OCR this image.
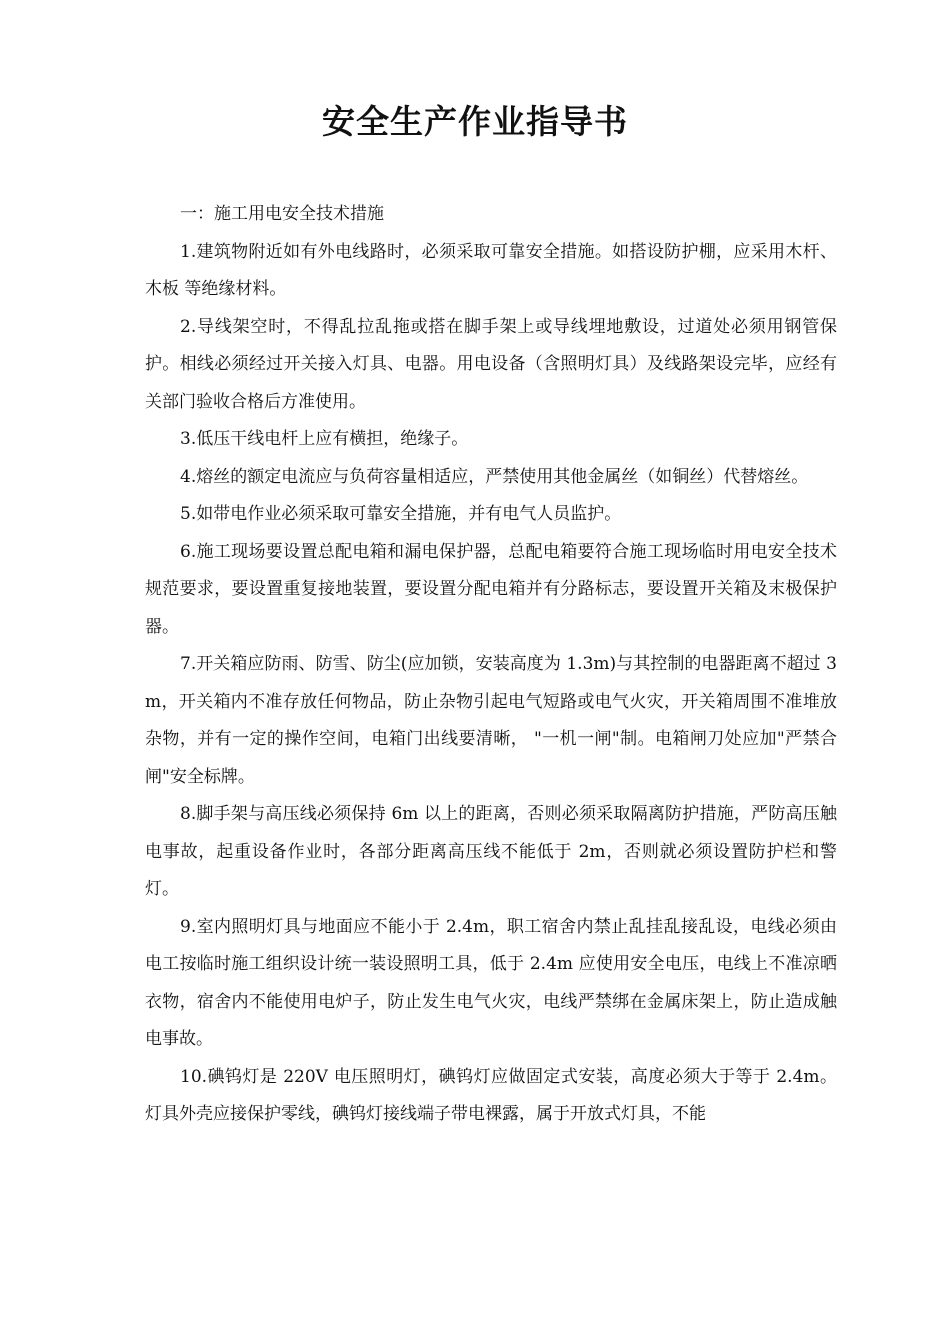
安全生产作业指导书

一：施工用电安全技术措施

1.建筑物附近如有外电线路时，必须采取可靠安全措施。如搭设防护棚，应采用木杆、木板 等绝缘材料。

2.导线架空时，不得乱拉乱拖或搭在脚手架上或导线埋地敷设，过道处必须用钢管保护。相线必须经过开关接入灯具、电器。用电设备（含照明灯具）及线路架设完毕，应经有关部门验收合格后方准使用。

3.低压干线电杆上应有横担，绝缘子。

4.熔丝的额定电流应与负荷容量相适应，严禁使用其他金属丝（如铜丝）代替熔丝。

5.如带电作业必须采取可靠安全措施，并有电气人员监护。

6.施工现场要设置总配电箱和漏电保护器，总配电箱要符合施工现场临时用电安全技术规范要求，要设置重复接地装置，要设置分配电箱并有分路标志，要设置开关箱及末极保护器。

7.开关箱应防雨、防雪、防尘(应加锁，安装高度为 1.3m)与其控制的电器距离不超过 3m，开关箱内不准存放任何物品，防止杂物引起电气短路或电气火灾，开关箱周围不准堆放杂物，并有一定的操作空间，电箱门出线要清晰， "一机一闸"制。电箱闸刀处应加"严禁合闸"安全标牌。

8.脚手架与高压线必须保持 6m 以上的距离，否则必须采取隔离防护措施，严防高压触电事故，起重设备作业时，各部分距离高压线不能低于 2m，否则就必须设置防护栏和警灯。

9.室内照明灯具与地面应不能小于 2.4m，职工宿舍内禁止乱挂乱接乱设，电线必须由电工按临时施工组织设计统一装设照明工具，低于 2.4m 应使用安全电压，电线上不准凉晒衣物，宿舍内不能使用电炉子，防止发生电气火灾，电线严禁绑在金属床架上，防止造成触电事故。

10.碘钨灯是 220V 电压照明灯，碘钨灯应做固定式安装，高度必须大于等于 2.4m。灯具外壳应接保护零线，碘钨灯接线端子带电裸露，属于开放式灯具，不能
